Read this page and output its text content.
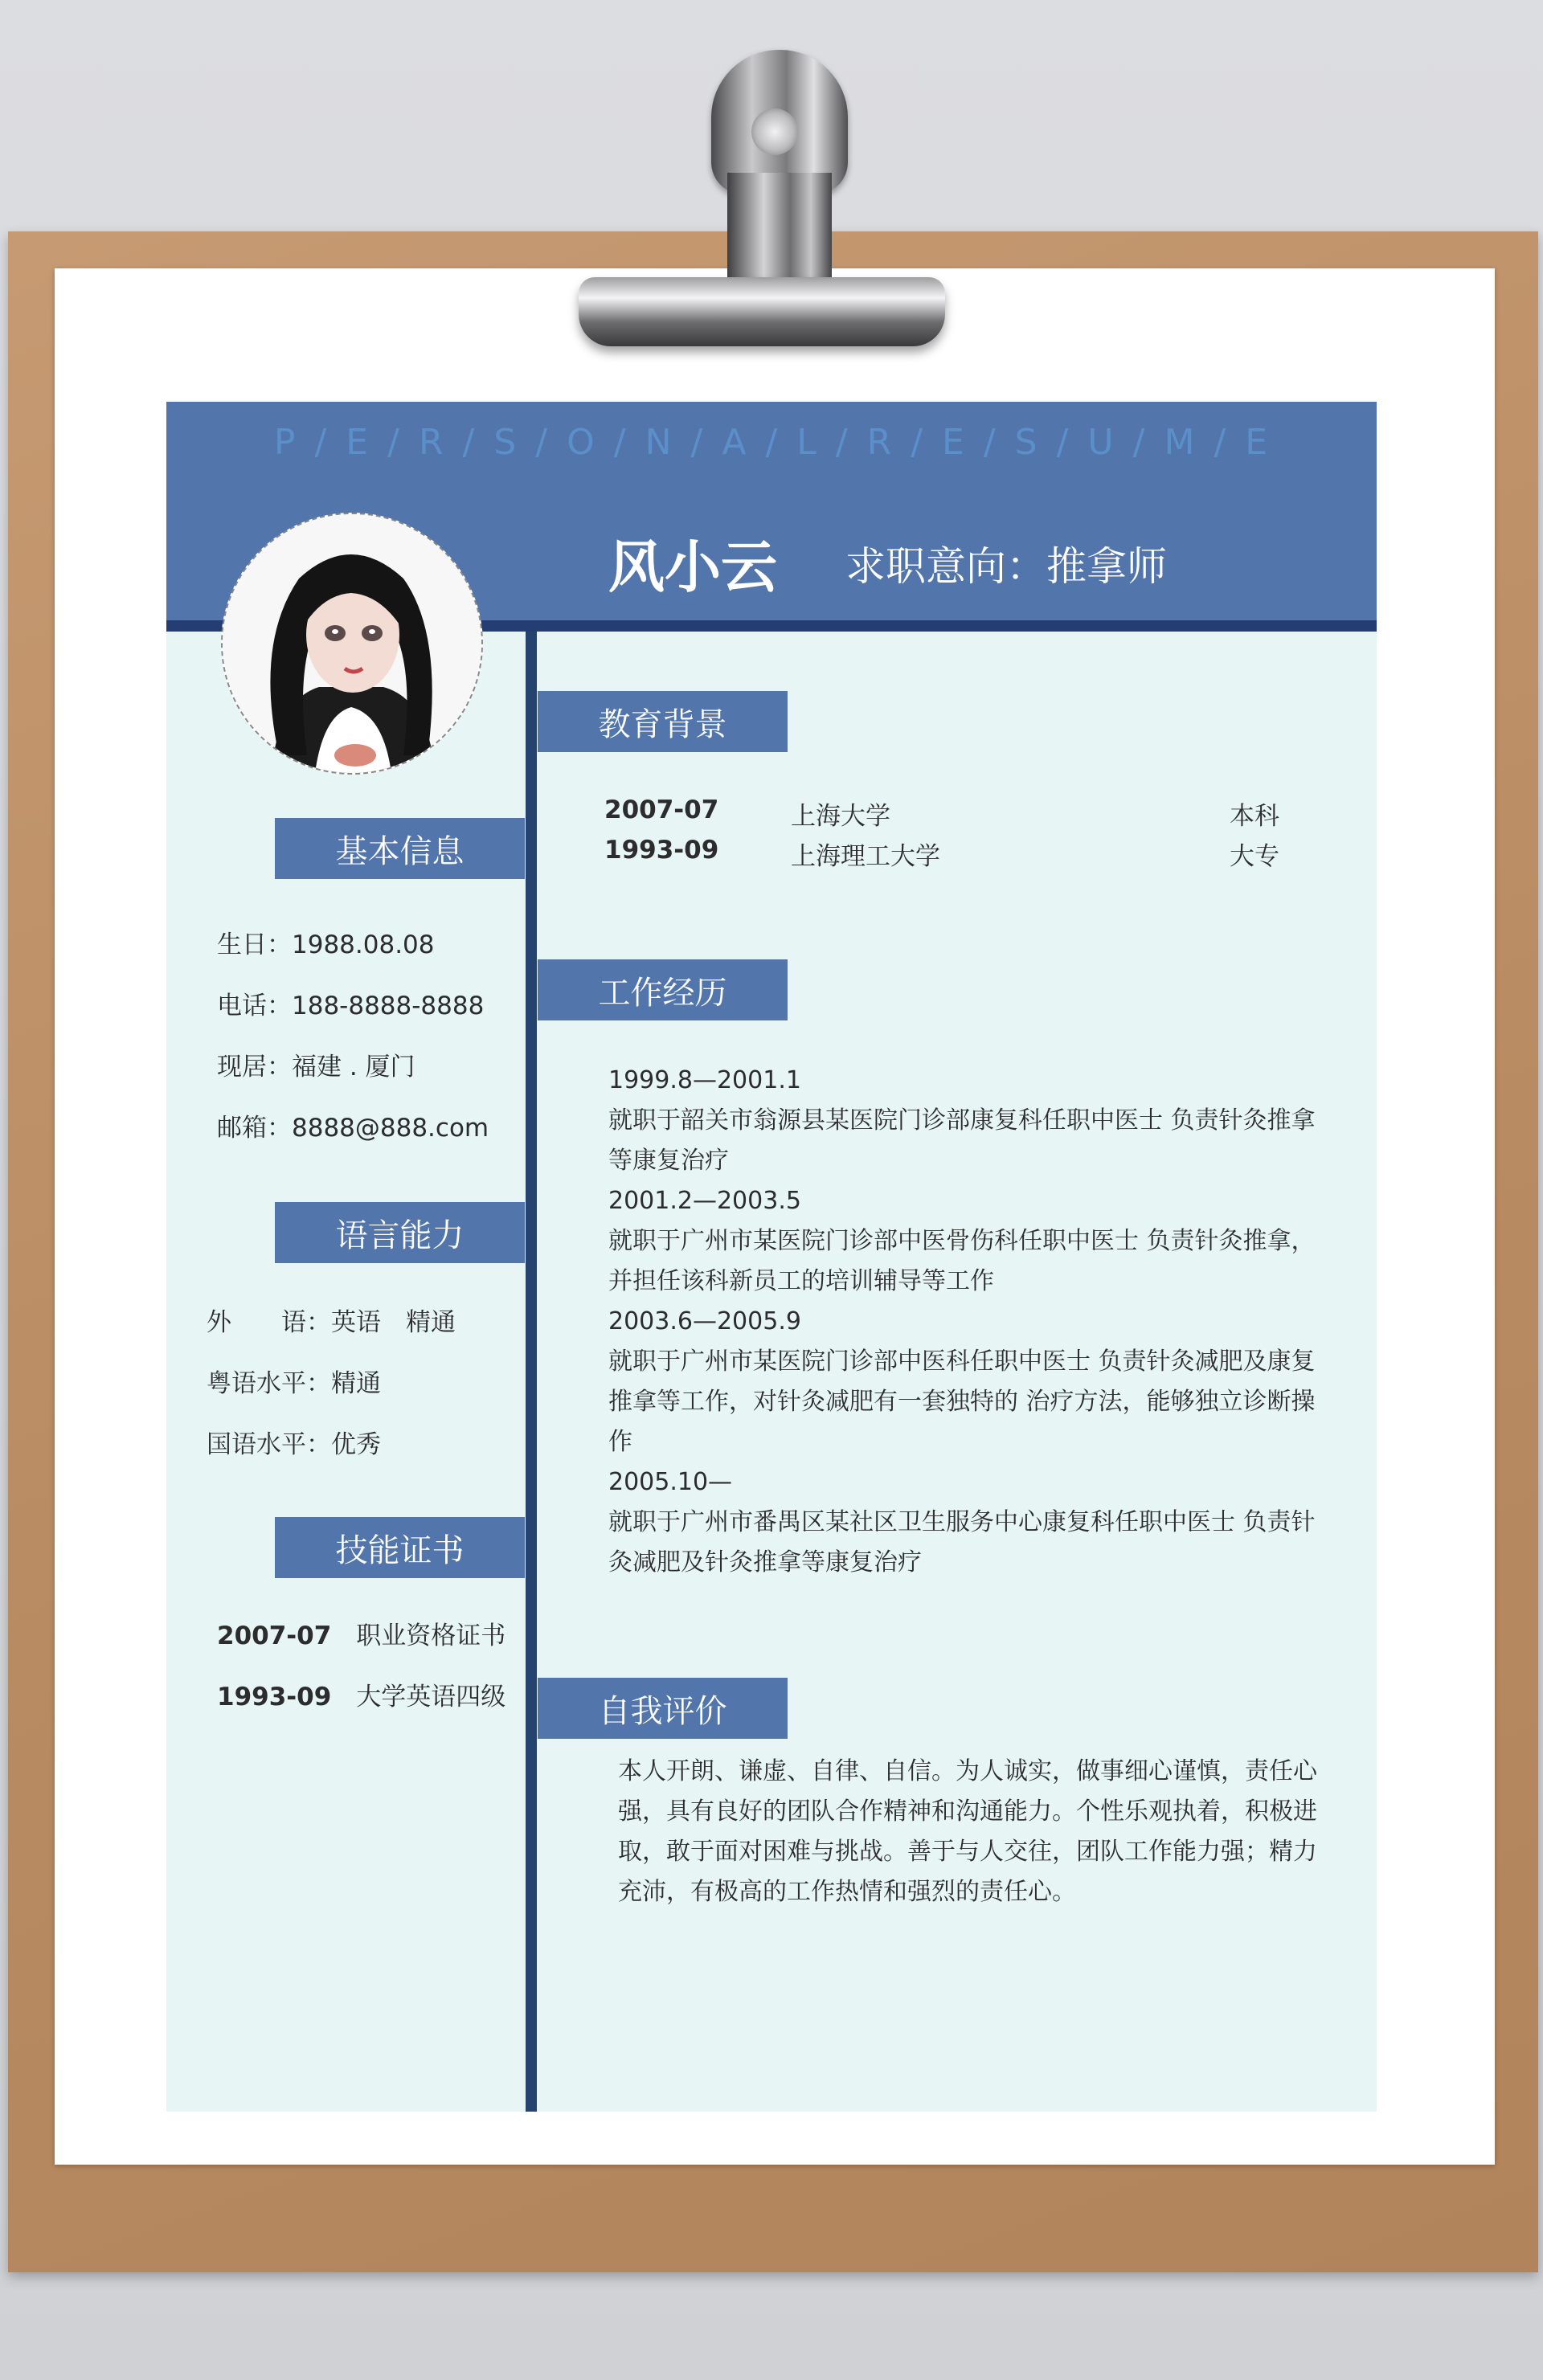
P / E / R / S / O / N / A / L / R / E / S / U / M / E
风小云 求职意向：推拿师
基本信息
生日：1988.08.08
电话：188-8888-8888
现居：福建 . 厦门
邮箱：8888@888.com
语言能力
外　　语：英语　精通
粤语水平：精通
国语水平：优秀
技能证书
2007-07　 职业资格证书
1993-09　 大学英语四级
教育背景
2007-07	上海大学	本科
1993-09	上海理工大学	大专
工作经历
1999.8—2001.1
就职于韶关市翁源县某医院门诊部康复科任职中医士 负责针灸推拿等康复治疗
2001.2—2003.5
就职于广州市某医院门诊部中医骨伤科任职中医士 负责针灸推拿，并担任该科新员工的培训辅导等工作
2003.6—2005.9
就职于广州市某医院门诊部中医科任职中医士 负责针灸减肥及康复推拿等工作，对针灸减肥有一套独特的 治疗方法，能够独立诊断操作
2005.10—
就职于广州市番禺区某社区卫生服务中心康复科任职中医士 负责针灸减肥及针灸推拿等康复治疗
自我评价
本人开朗、谦虚、自律、自信。为人诚实，做事细心谨慎，责任心强，具有良好的团队合作精神和沟通能力。个性乐观执着，积极进取，敢于面对困难与挑战。善于与人交往，团队工作能力强；精力充沛，有极高的工作热情和强烈的责任心。
